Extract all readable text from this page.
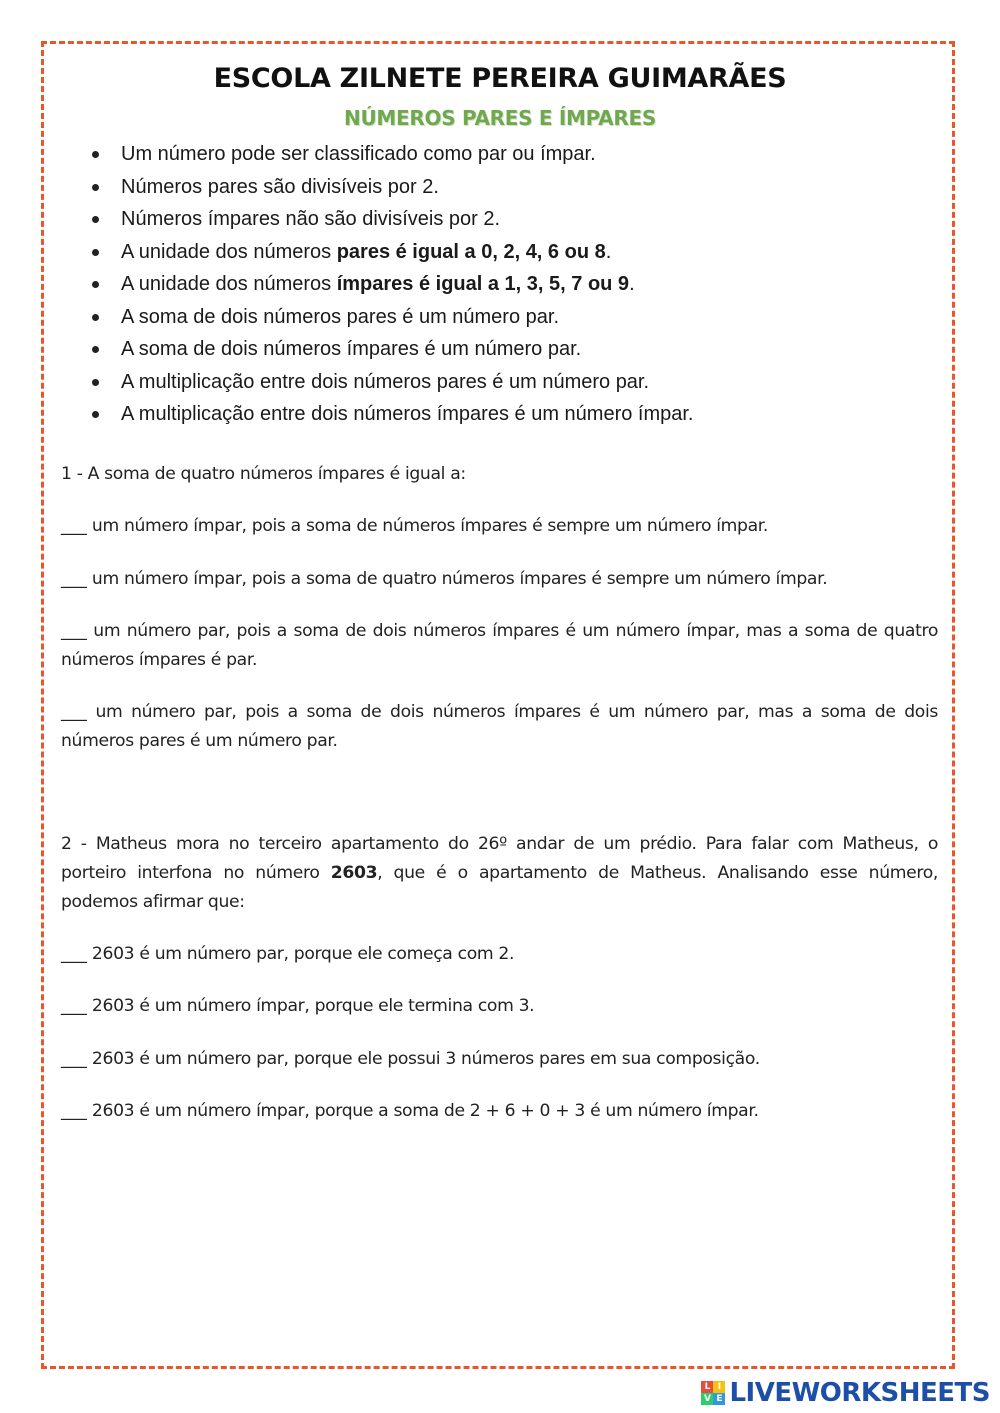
ESCOLA ZILNETE PEREIRA GUIMARÃES
NÚMEROS PARES E ÍMPARES
Um número pode ser classificado como par ou ímpar.
Números pares são divisíveis por 2.
Números ímpares não são divisíveis por 2.
A unidade dos números pares é igual a 0, 2, 4, 6 ou 8.
A unidade dos números ímpares é igual a 1, 3, 5, 7 ou 9.
A soma de dois números pares é um número par.
A soma de dois números ímpares é um número par.
A multiplicação entre dois números pares é um número par.
A multiplicação entre dois números ímpares é um número ímpar.
1 - A soma de quatro números ímpares é igual a:
___ um número ímpar, pois a soma de números ímpares é sempre um número ímpar.
___ um número ímpar, pois a soma de quatro números ímpares é sempre um número ímpar.
___ um número par, pois a soma de dois números ímpares é um número ímpar, mas a soma de quatro números ímpares é par.
___ um número par, pois a soma de dois números ímpares é um número par, mas a soma de dois números pares é um número par.
2 - Matheus mora no terceiro apartamento do 26º andar de um prédio. Para falar com Matheus, o porteiro interfona no número 2603, que é o apartamento de Matheus. Analisando esse número, podemos afirmar que:
___ 2603 é um número par, porque ele começa com 2.
___ 2603 é um número ímpar, porque ele termina com 3.
___ 2603 é um número par, porque ele possui 3 números pares em sua composição.
___ 2603 é um número ímpar, porque a soma de 2 + 6 + 0 + 3 é um número ímpar.
L I
V E LIVEWORKSHEETS
